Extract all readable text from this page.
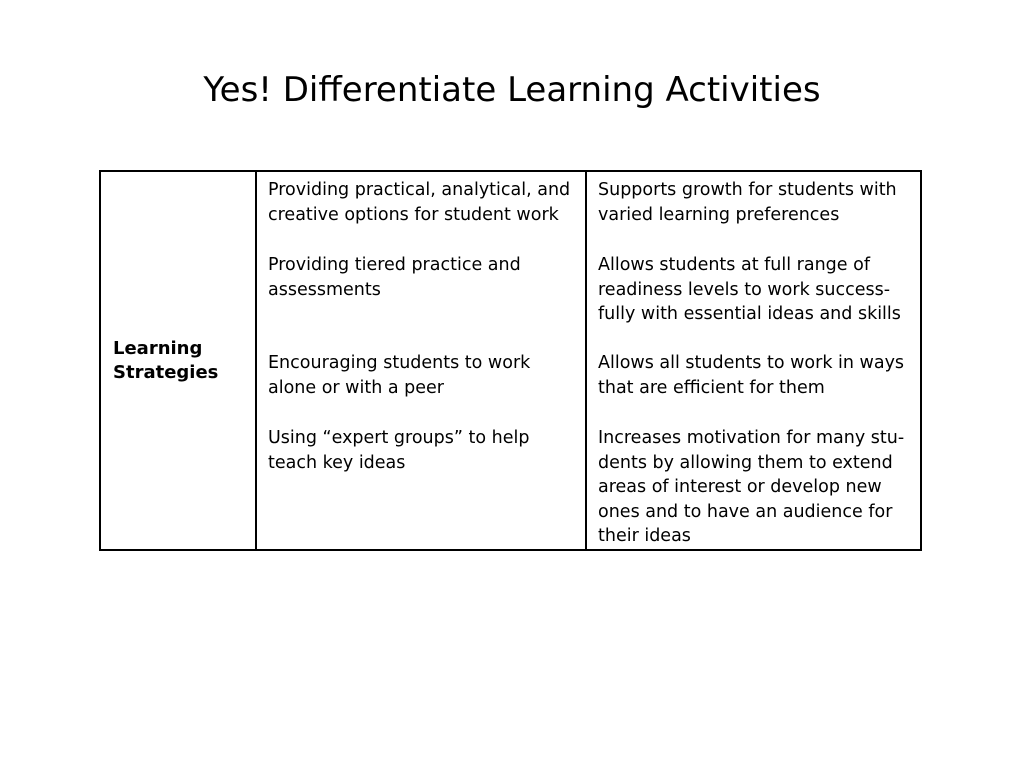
Yes! Differentiate Learning Activities
Learning
Strategies
Providing practical, analytical, and
creative options for student work
Providing tiered practice and
assessments
Encouraging students to work
alone or with a peer
Using “expert groups” to help
teach key ideas
Supports growth for students with
varied learning preferences
Allows students at full range of
readiness levels to work success-
fully with essential ideas and skills
Allows all students to work in ways
that are efficient for them
Increases motivation for many stu-
dents by allowing them to extend
areas of interest or develop new
ones and to have an audience for
their ideas
